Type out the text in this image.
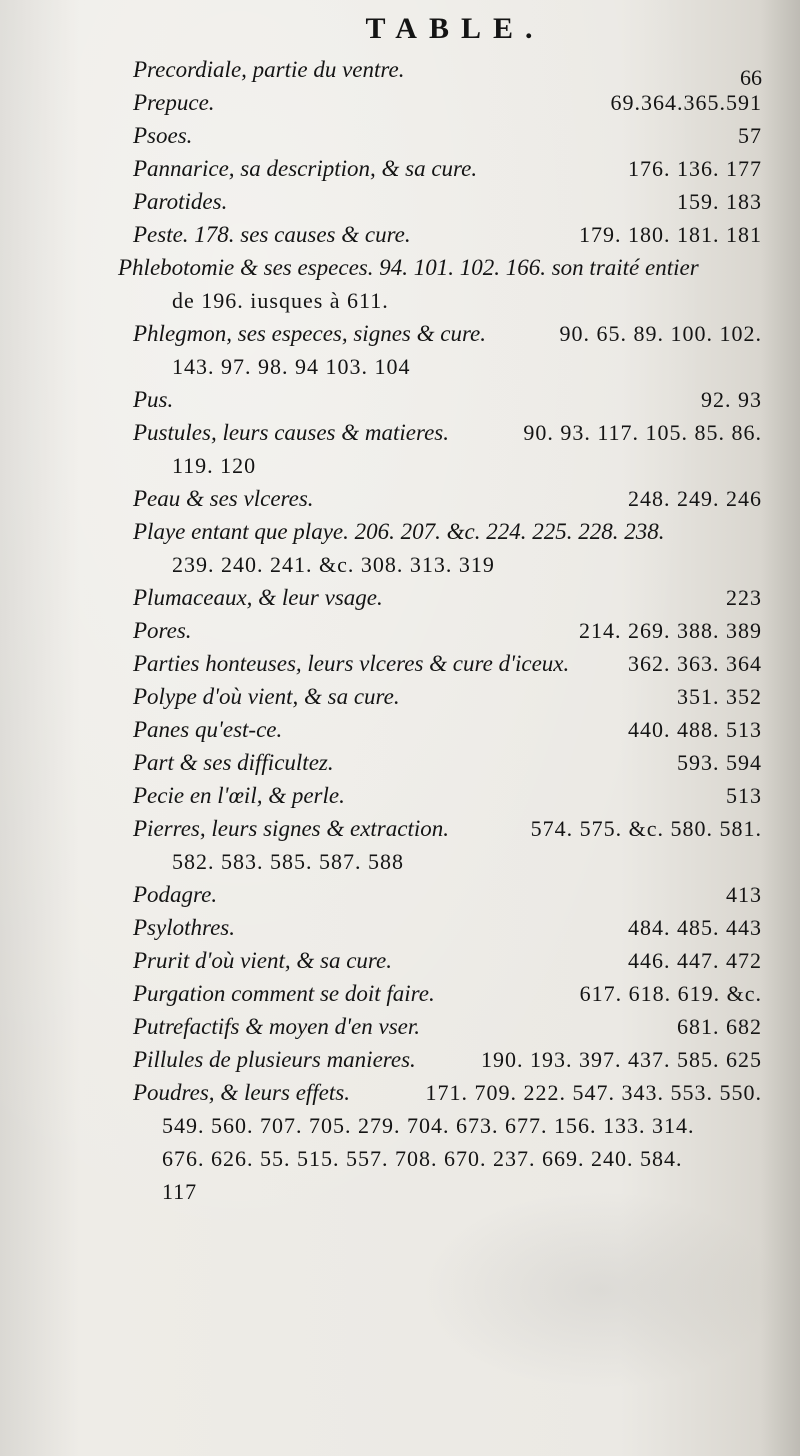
TABLE.
Precordiale, partie du ventre.	66
Prepuce.	69.364.365.591
Psoes.	57
Pannarice, sa description, & sa cure.	176. 136. 177
Parotides.	159. 183
Peste. 178. ses causes & cure.	179. 180. 181. 181
Phlebotomie & ses especes. 94. 101. 102. 166. son traité entier
de 196. iusques à 611.
Phlegmon, ses especes, signes & cure.	90. 65. 89. 100. 102.
143. 97. 98. 94 103. 104
Pus.	92. 93
Pustules, leurs causes & matieres.	90. 93. 117. 105. 85. 86.
119. 120
Peau & ses vlceres.	248. 249. 246
Playe entant que playe. 206. 207. &c. 224. 225. 228. 238.
239. 240. 241. &c. 308. 313. 319
Plumaceaux, & leur vsage.	223
Pores.	214. 269. 388. 389
Parties honteuses, leurs vlceres & cure d'iceux.	362. 363. 364
Polype d'où vient, & sa cure.	351. 352
Panes qu'est-ce.	440. 488. 513
Part & ses difficultez.	593. 594
Pecie en l'œil, & perle.	513
Pierres, leurs signes & extraction.	574. 575. &c. 580. 581.
582. 583. 585. 587. 588
Podagre.	413
Psylothres.	484. 485. 443
Prurit d'où vient, & sa cure.	446. 447. 472
Purgation comment se doit faire.	617. 618. 619. &c.
Putrefactifs & moyen d'en vser.	681. 682
Pillules de plusieurs manieres.	190. 193. 397. 437. 585. 625
Poudres, & leurs effets.	171. 709. 222. 547. 343. 553. 550.
549. 560. 707. 705. 279. 704. 673. 677. 156. 133. 314.
676. 626. 55. 515. 557. 708. 670. 237. 669. 240. 584.
117
